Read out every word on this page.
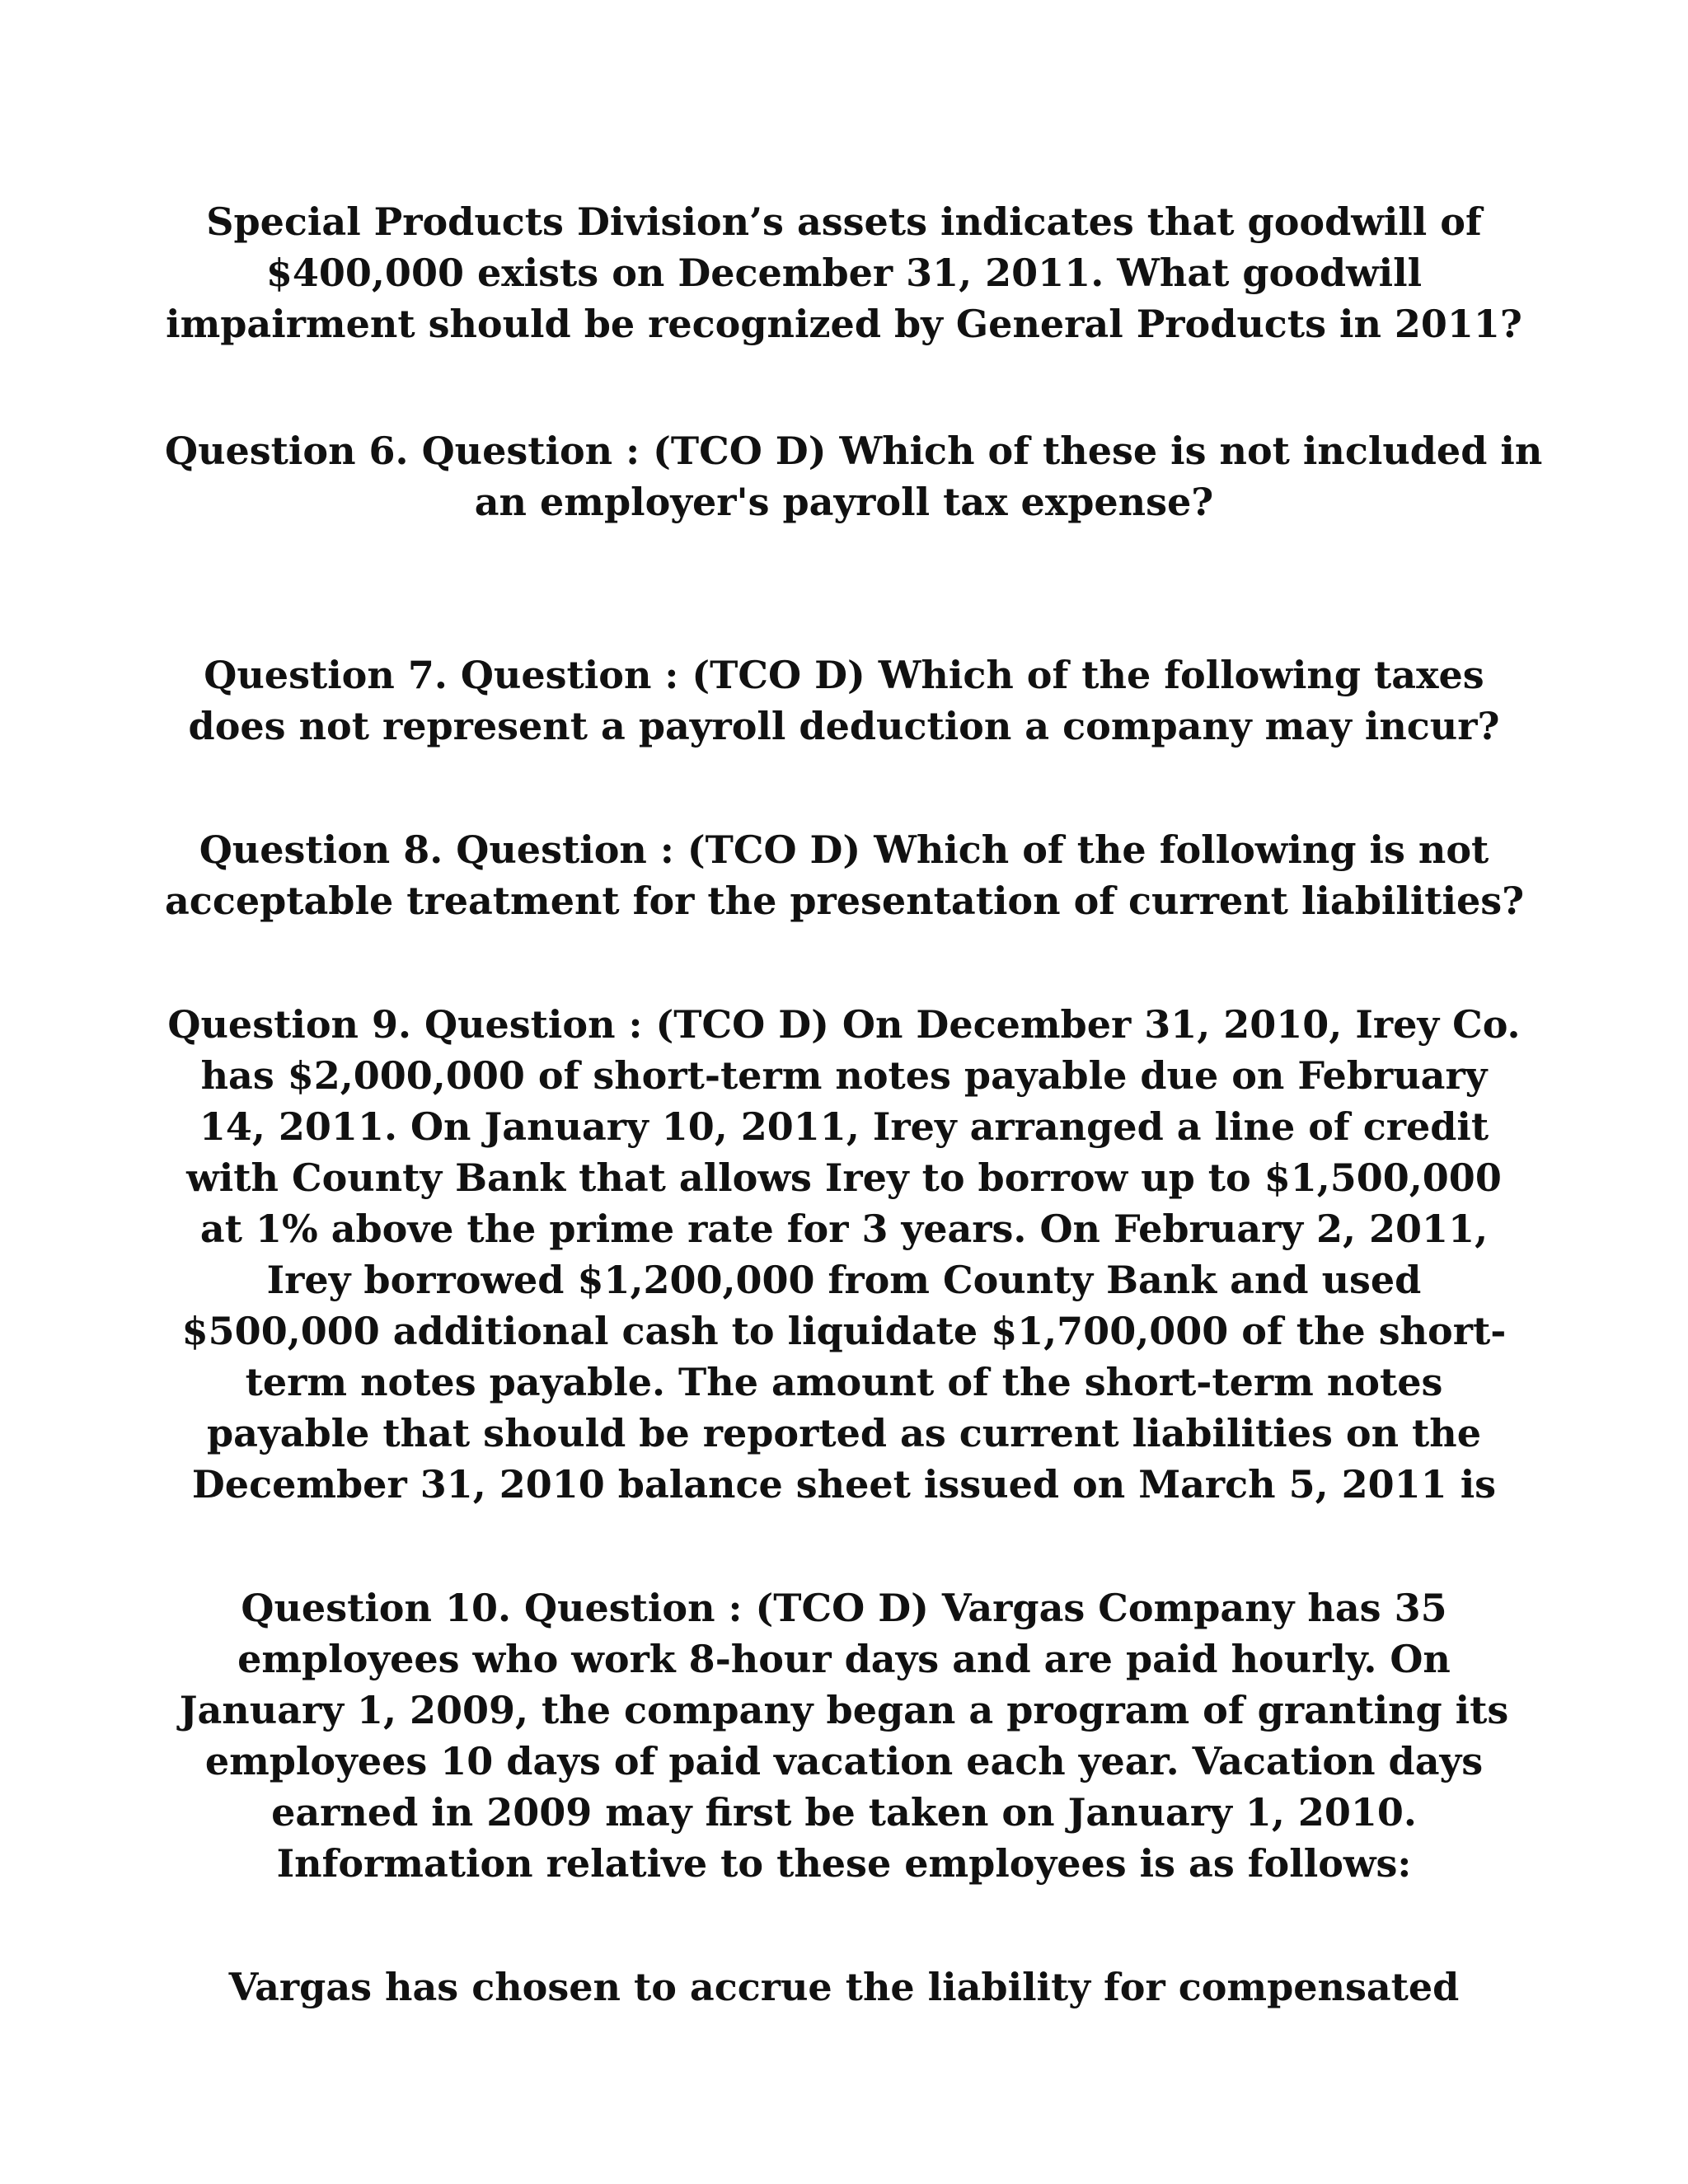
Special Products Division’s assets indicates that goodwill of
$400,000 exists on December 31, 2011. What goodwill
impairment should be recognized by General Products in 2011?

Question 6. Question : (TCO D) Which of these is not included in
an employer's payroll tax expense?

Question 7. Question : (TCO D) Which of the following taxes
does not represent a payroll deduction a company may incur?

Question 8. Question : (TCO D) Which of the following is not
acceptable treatment for the presentation of current liabilities?

Question 9. Question : (TCO D) On December 31, 2010, Irey Co.
has $2,000,000 of short-term notes payable due on February
14, 2011. On January 10, 2011, Irey arranged a line of credit
with County Bank that allows Irey to borrow up to $1,500,000
at 1% above the prime rate for 3 years. On February 2, 2011,
Irey borrowed $1,200,000 from County Bank and used
$500,000 additional cash to liquidate $1,700,000 of the short-
term notes payable. The amount of the short-term notes
payable that should be reported as current liabilities on the
December 31, 2010 balance sheet issued on March 5, 2011 is

Question 10. Question : (TCO D) Vargas Company has 35
employees who work 8-hour days and are paid hourly. On
January 1, 2009, the company began a program of granting its
employees 10 days of paid vacation each year. Vacation days
earned in 2009 may first be taken on January 1, 2010.
Information relative to these employees is as follows:

Vargas has chosen to accrue the liability for compensated
